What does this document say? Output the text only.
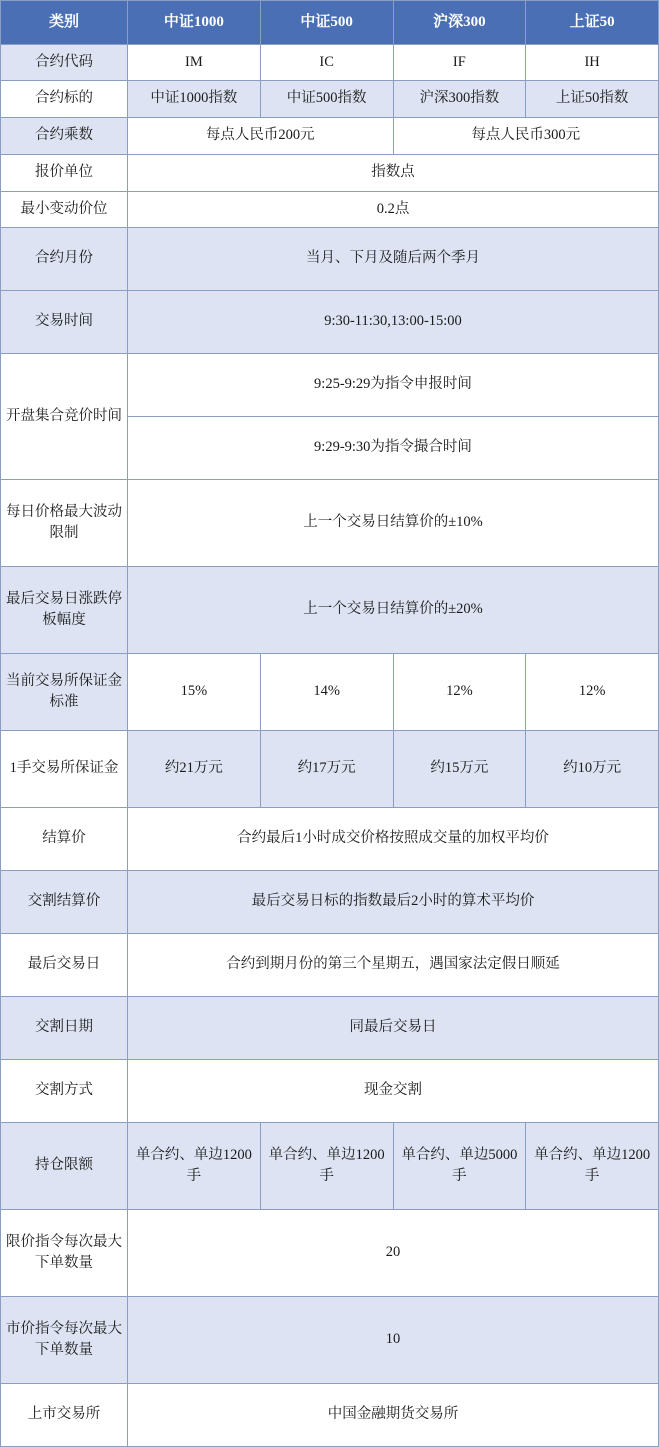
类别	中证1000	中证500	沪深300	上证50
合约代码	IM	IC	IF	IH
合约标的	中证1000指数	中证500指数	沪深300指数	上证50指数
合约乘数	每点人民币200元		每点人民币300元	
报价单位	指数点			
最小变动价位	0.2点			
合约月份	当月、下月及随后两个季月			
交易时间	9:30-11:30,13:00-15:00			
开盘集合竞价时间	9:25-9:29为指令申报时间			
	9:29-9:30为指令撮合时间			
每日价格最大波动限制	上一个交易日结算价的±10%			
最后交易日涨跌停板幅度	上一个交易日结算价的±20%			
当前交易所保证金标准	15%	14%	12%	12%
1手交易所保证金	约21万元	约17万元	约15万元	约10万元
结算价	合约最后1小时成交价格按照成交量的加权平均价			
交割结算价	最后交易日标的指数最后2小时的算术平均价			
最后交易日	合约到期月份的第三个星期五，遇国家法定假日顺延			
交割日期	同最后交易日			
交割方式	现金交割			
持仓限额	单合约、单边1200手	单合约、单边1200手	单合约、单边5000手	单合约、单边1200手
限价指令每次最大下单数量	20			
市价指令每次最大下单数量	10			
上市交易所	中国金融期货交易所			
